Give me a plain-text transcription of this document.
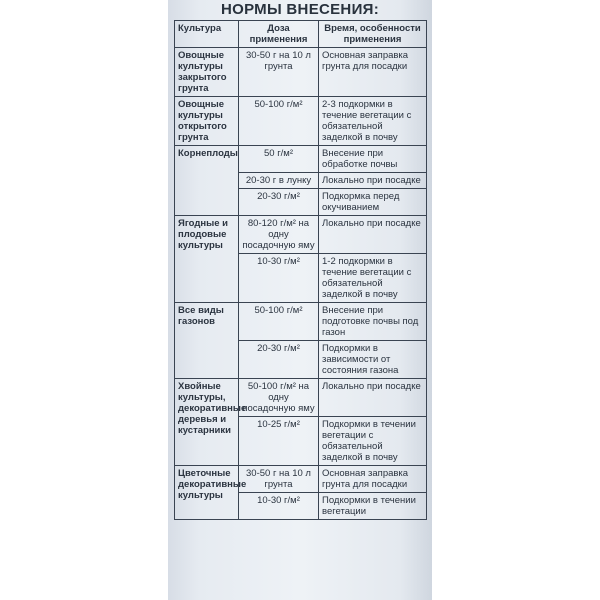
НОРМЫ ВНЕСЕНИЯ:
Культура	Доза применения	Время, особенности применения
Овощные культуры закрытого грунта	30-50 г на 10 л грунта	Основная заправка грунта для посадки
Овощные культуры открытого грунта	50-100 г/м²	2-3 подкормки в течение вегетации с обязательной заделкой в почву
Корнеплоды	50 г/м²	Внесение при обработке почвы
	20-30 г в лунку	Локально при посадке
	20-30 г/м²	Подкормка перед окучиванием
Ягодные и плодовые культуры	80-120 г/м² на одну посадочную яму	Локально при посадке
	10-30 г/м²	1-2 подкормки в течение вегетации с обязательной заделкой в почву
Все виды газонов	50-100 г/м²	Внесение при подготовке почвы под газон
	20-30 г/м²	Подкормки в зависимости от состояния газона
Хвойные культуры, декоративные деревья и кустарники	50-100 г/м² на одну посадочную яму	Локально при посадке
	10-25 г/м²	Подкормки в течении вегетации с обязательной заделкой в почву
Цветочные декоративные культуры	30-50 г на 10 л грунта	Основная заправка грунта для посадки
	10-30 г/м²	Подкормки в течении вегетации
